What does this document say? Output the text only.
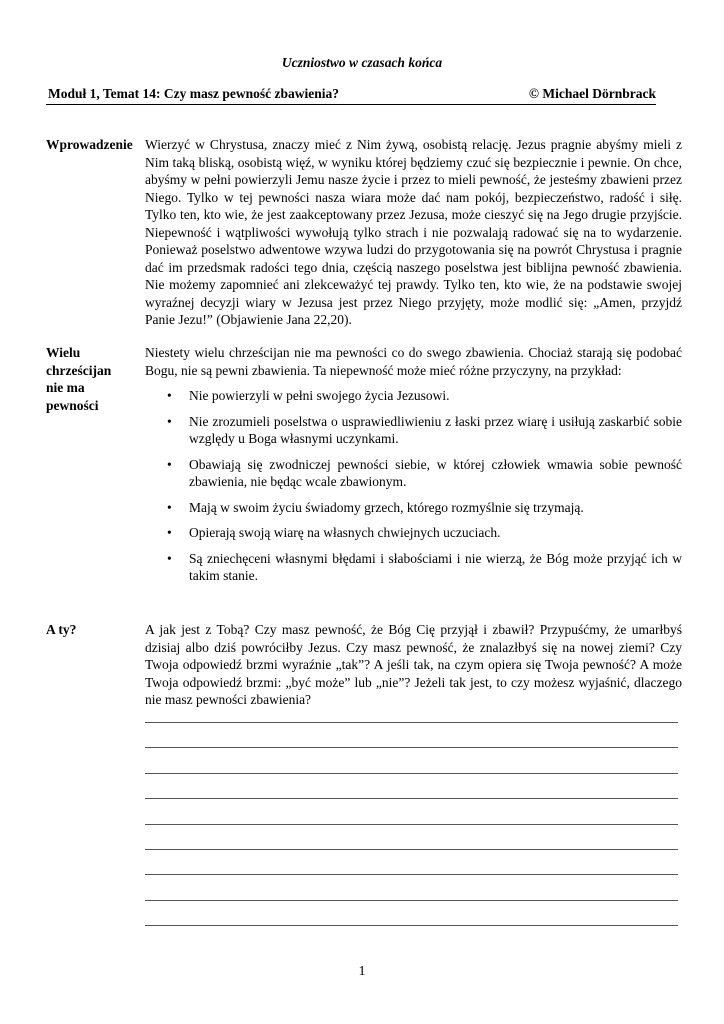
Uczniostwo w czasach końca
Moduł 1, Temat 14: Czy masz pewność zbawienia?	© Michael Dörnbrack
Wprowadzenie Wierzyć w Chrystusa, znaczy mieć z Nim żywą, osobistą relację. Jezus pragnie abyśmy mieli z Nim taką bliską, osobistą więź, w wyniku której będziemy czuć się bezpiecznie i pewnie. On chce, abyśmy w pełni powierzyli Jemu nasze życie i przez to mieli pewność, że jesteśmy zbawieni przez Niego. Tylko w tej pewności nasza wiara może dać nam pokój, bezpieczeństwo, radość i siłę. Tylko ten, kto wie, że jest zaakceptowany przez Jezusa, może cieszyć się na Jego drugie przyjście. Niepewność i wątpliwości wywołują tylko strach i nie pozwalają radować się na to wydarzenie. Ponieważ poselstwo adwentowe wzywa ludzi do przygotowania się na powrót Chrystusa i pragnie dać im przedsmak radości tego dnia, częścią naszego poselstwa jest biblijna pewność zbawienia. Nie możemy zapomnieć ani zlekceważyć tej prawdy. Tylko ten, kto wie, że na podstawie swojej wyraźnej decyzji wiary w Jezusa jest przez Niego przyjęty, może modlić się: „Amen, przyjdź Panie Jezu!” (Objawienie Jana 22,20).

Wielu chrześcijan nie ma pewności

Niestety wielu chrześcijan nie ma pewności co do swego zbawienia. Chociaż starają się podobać Bogu, nie są pewni zbawienia. Ta niepewność może mieć różne przyczyny, na przykład:

• Nie powierzyli w pełni swojego życia Jezusowi.
• Nie zrozumieli poselstwa o usprawiedliwieniu z łaski przez wiarę i usiłują zaskarbić sobie względy u Boga własnymi uczynkami.
• Obawiają się zwodniczej pewności siebie, w której człowiek wmawia sobie pewność zbawienia, nie będąc wcale zbawionym.
• Mają w swoim życiu świadomy grzech, którego rozmyślnie się trzymają.
• Opierają swoją wiarę na własnych chwiejnych uczuciach.
• Są zniechęceni własnymi błędami i słabościami i nie wierzą, że Bóg może przyjąć ich w takim stanie.
A ty?	A jak jest z Tobą? Czy masz pewność, że Bóg Cię przyjął i zbawił? Przypuśćmy, że umarłbyś dzisiaj albo dziś powróciłby Jezus. Czy masz pewność, że znalazłbyś się na nowej ziemi? Czy Twoja odpowiedź brzmi wyraźnie „tak”? A jeśli tak, na czym opiera się Twoja pewność? A może Twoja odpowiedź brzmi: „być może” lub „nie”? Jeżeli tak jest, to czy możesz wyjaśnić, dlaczego nie masz pewności zbawienia?

1
